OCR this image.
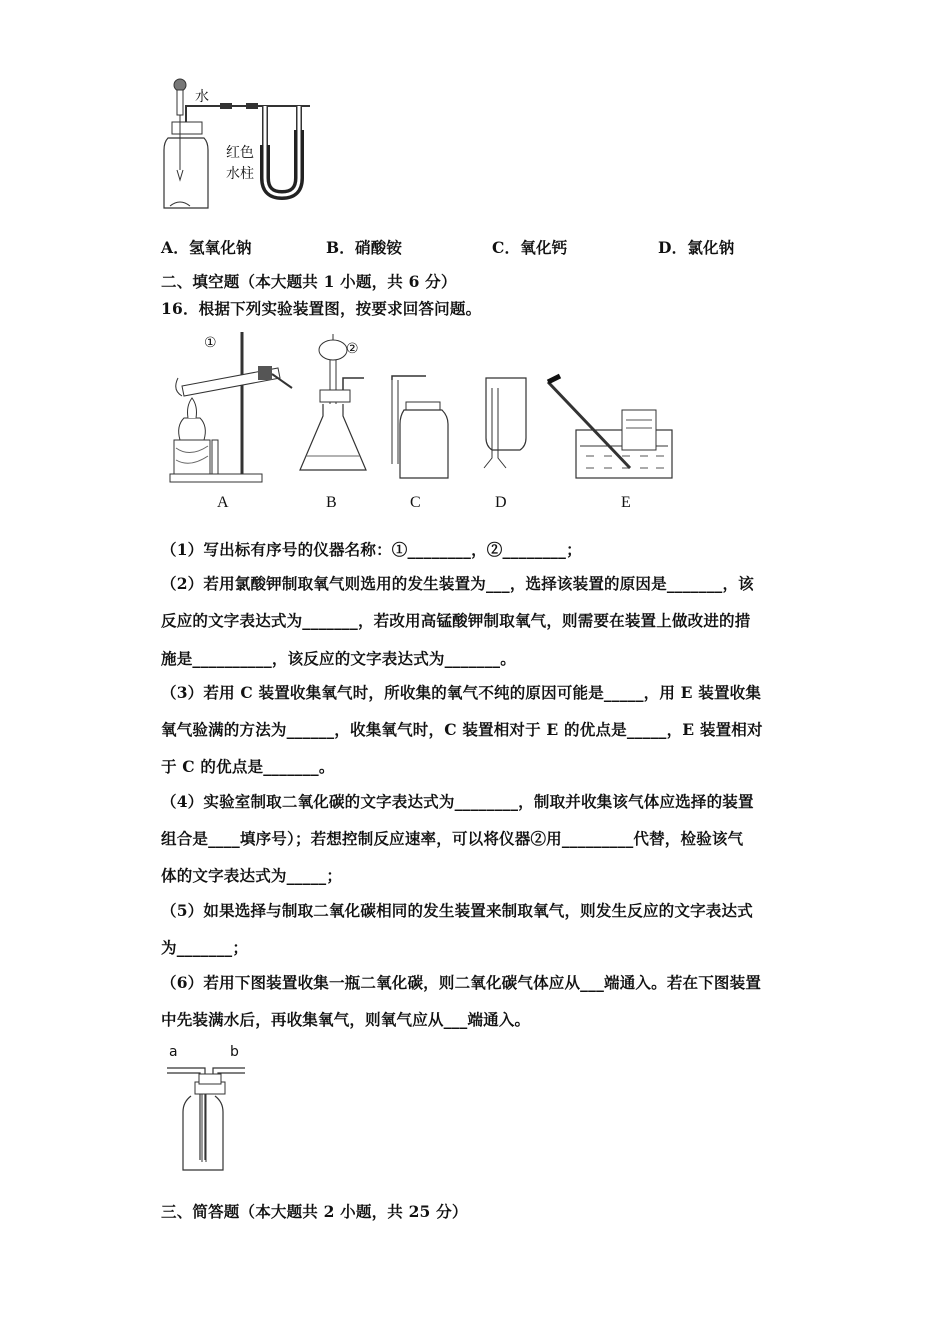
水
红色
水柱
A．氢氧化钠	B．硝酸铵	C．氧化钙	D．氯化钠
二、填空题（本大题共 1 小题，共 6 分）
16．根据下列实验装置图，按要求回答问题。
①	②
A	B	C	D	E
（1）写出标有序号的仪器名称：①________，②________；
（2）若用氯酸钾制取氧气则选用的发生装置为___，选择该装置的原因是_______，该
反应的文字表达式为_______，若改用高锰酸钾制取氧气，则需要在装置上做改进的措
施是__________，该反应的文字表达式为_______。
（3）若用 C 装置收集氧气时，所收集的氧气不纯的原因可能是_____，用 E 装置收集
氧气验满的方法为______，收集氧气时，C 装置相对于 E 的优点是_____，E 装置相对
于 C 的优点是_______。
（4）实验室制取二氧化碳的文字表达式为________，制取并收集该气体应选择的装置
组合是____填序号）；若想控制反应速率，可以将仪器②用_________代替，检验该气
体的文字表达式为_____；
（5）如果选择与制取二氧化碳相同的发生装置来制取氧气，则发生反应的文字表达式
为_______；
（6）若用下图装置收集一瓶二氧化碳，则二氧化碳气体应从___端通入。若在下图装置
中先装满水后，再收集氧气，则氧气应从___端通入。
a	b
三、简答题（本大题共 2 小题，共 25 分）
